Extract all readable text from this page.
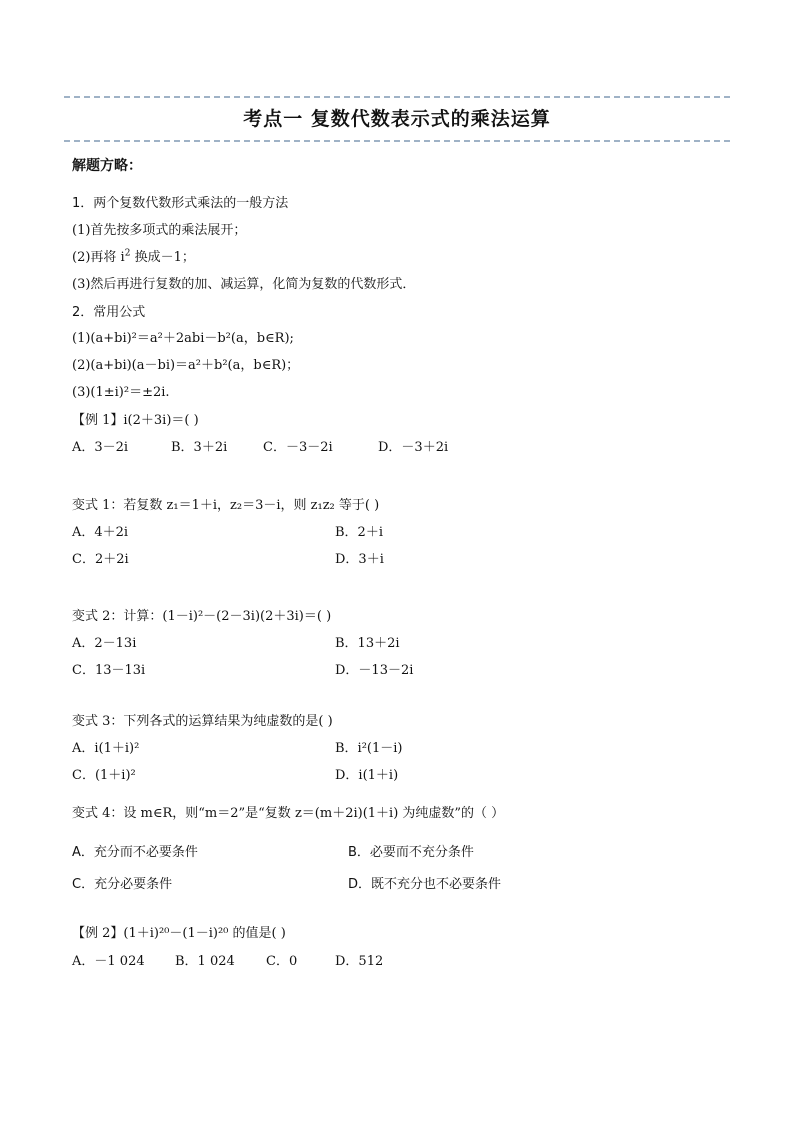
考点一 复数代数表示式的乘法运算
解题方略：
1．两个复数代数形式乘法的一般方法
(1)首先按多项式的乘法展开；
(2)再将 $i^2$ 换成－1；
(3)然后再进行复数的加、减运算，化简为复数的代数形式．
2．常用公式
(1)(a+bi)²＝a²＋2abi－b²(a，b∈R);
(2)(a+bi)(a－bi)＝a²＋b²(a，b∈R)；
(3)(1±i)²＝±2i.
【例 1】i(2＋3i)＝( )
A．3－2i	B．3＋2i	C．－3－2i	D．－3＋2i
变式 1：若复数 z₁＝1＋i，z₂＝3－i，则 z₁z₂ 等于( )
A．4＋2i	B．2＋i
C．2＋2i	D．3＋i
变式 2：计算：(1－i)²－(2－3i)(2＋3i)＝( )
A．2－13i	B．13＋2i
C．13－13i	D．－13－2i
变式 3：下列各式的运算结果为纯虚数的是( )
A．i(1＋i)²	B．i²(1－i)
C．(1＋i)²	D．i(1＋i)
变式 4：设 m∈R，则“m＝2”是“复数 z＝(m＋2i)(1＋i) 为纯虚数”的（ ）
A．充分而不必要条件	B．必要而不充分条件
C．充分必要条件	D．既不充分也不必要条件
【例 2】(1＋i)²⁰－(1－i)²⁰ 的值是( )
A．－1 024 B．1 024 C．0	D．512
